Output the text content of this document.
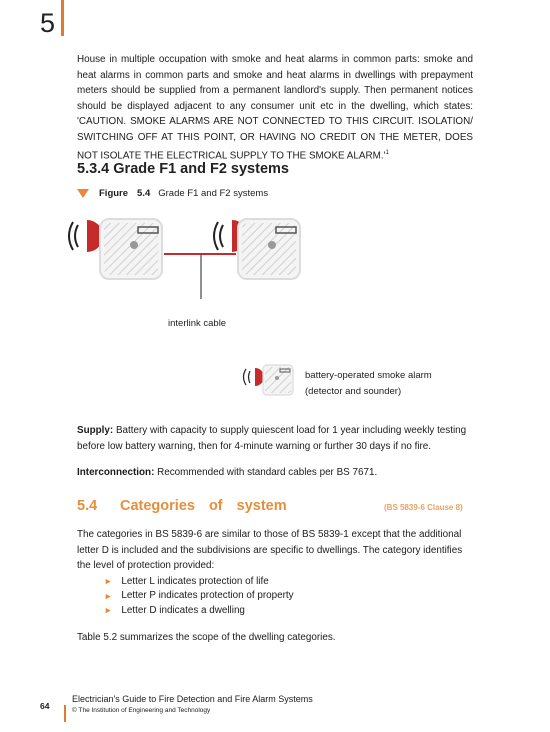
5

House in multiple occupation with smoke and heat alarms in common parts: smoke and heat alarms in common parts and smoke and heat alarms in dwellings with prepayment meters should be supplied from a permanent landlord's supply. Then permanent notices should be displayed adjacent to any consumer unit etc in the dwelling, which states: 'CAUTION. SMOKE ALARMS ARE NOT CONNECTED TO THIS CIRCUIT. ISOLATION/ SWITCHING OFF AT THIS POINT, OR HAVING NO CREDIT ON THE METER, DOES NOT ISOLATE THE ELECTRICAL SUPPLY TO THE SMOKE $ALARM.'^1$

5.3.4 Grade F1 and F2 systems
Figure 5.4 Grade F1 and F2 systems
interlink cable
battery-operated smoke alarm
(detector and sounder)

Supply: Battery with capacity to supply quiescent load for 1 year including weekly testing before low battery warning, then for 4-minute warning or further 30 days if no fire.

Interconnection: Recommended with standard cables per BS 7671.

5.4	Categories of system	(BS 5839-6 Clause 8)

The categories in BS 5839-6 are similar to those of BS 5839-1 except that the additional letter D is included and the subdivisions are specific to dwellings. The category identifies the level of protection provided:

► Letter L indicates protection of life
► Letter P indicates protection of property
► Letter D indicates a dwelling

Table 5.2 summarizes the scope of the dwelling categories.

64
Electrician's Guide to Fire Detection and Fire Alarm Systems
© The Institution of Engineering and Technology
